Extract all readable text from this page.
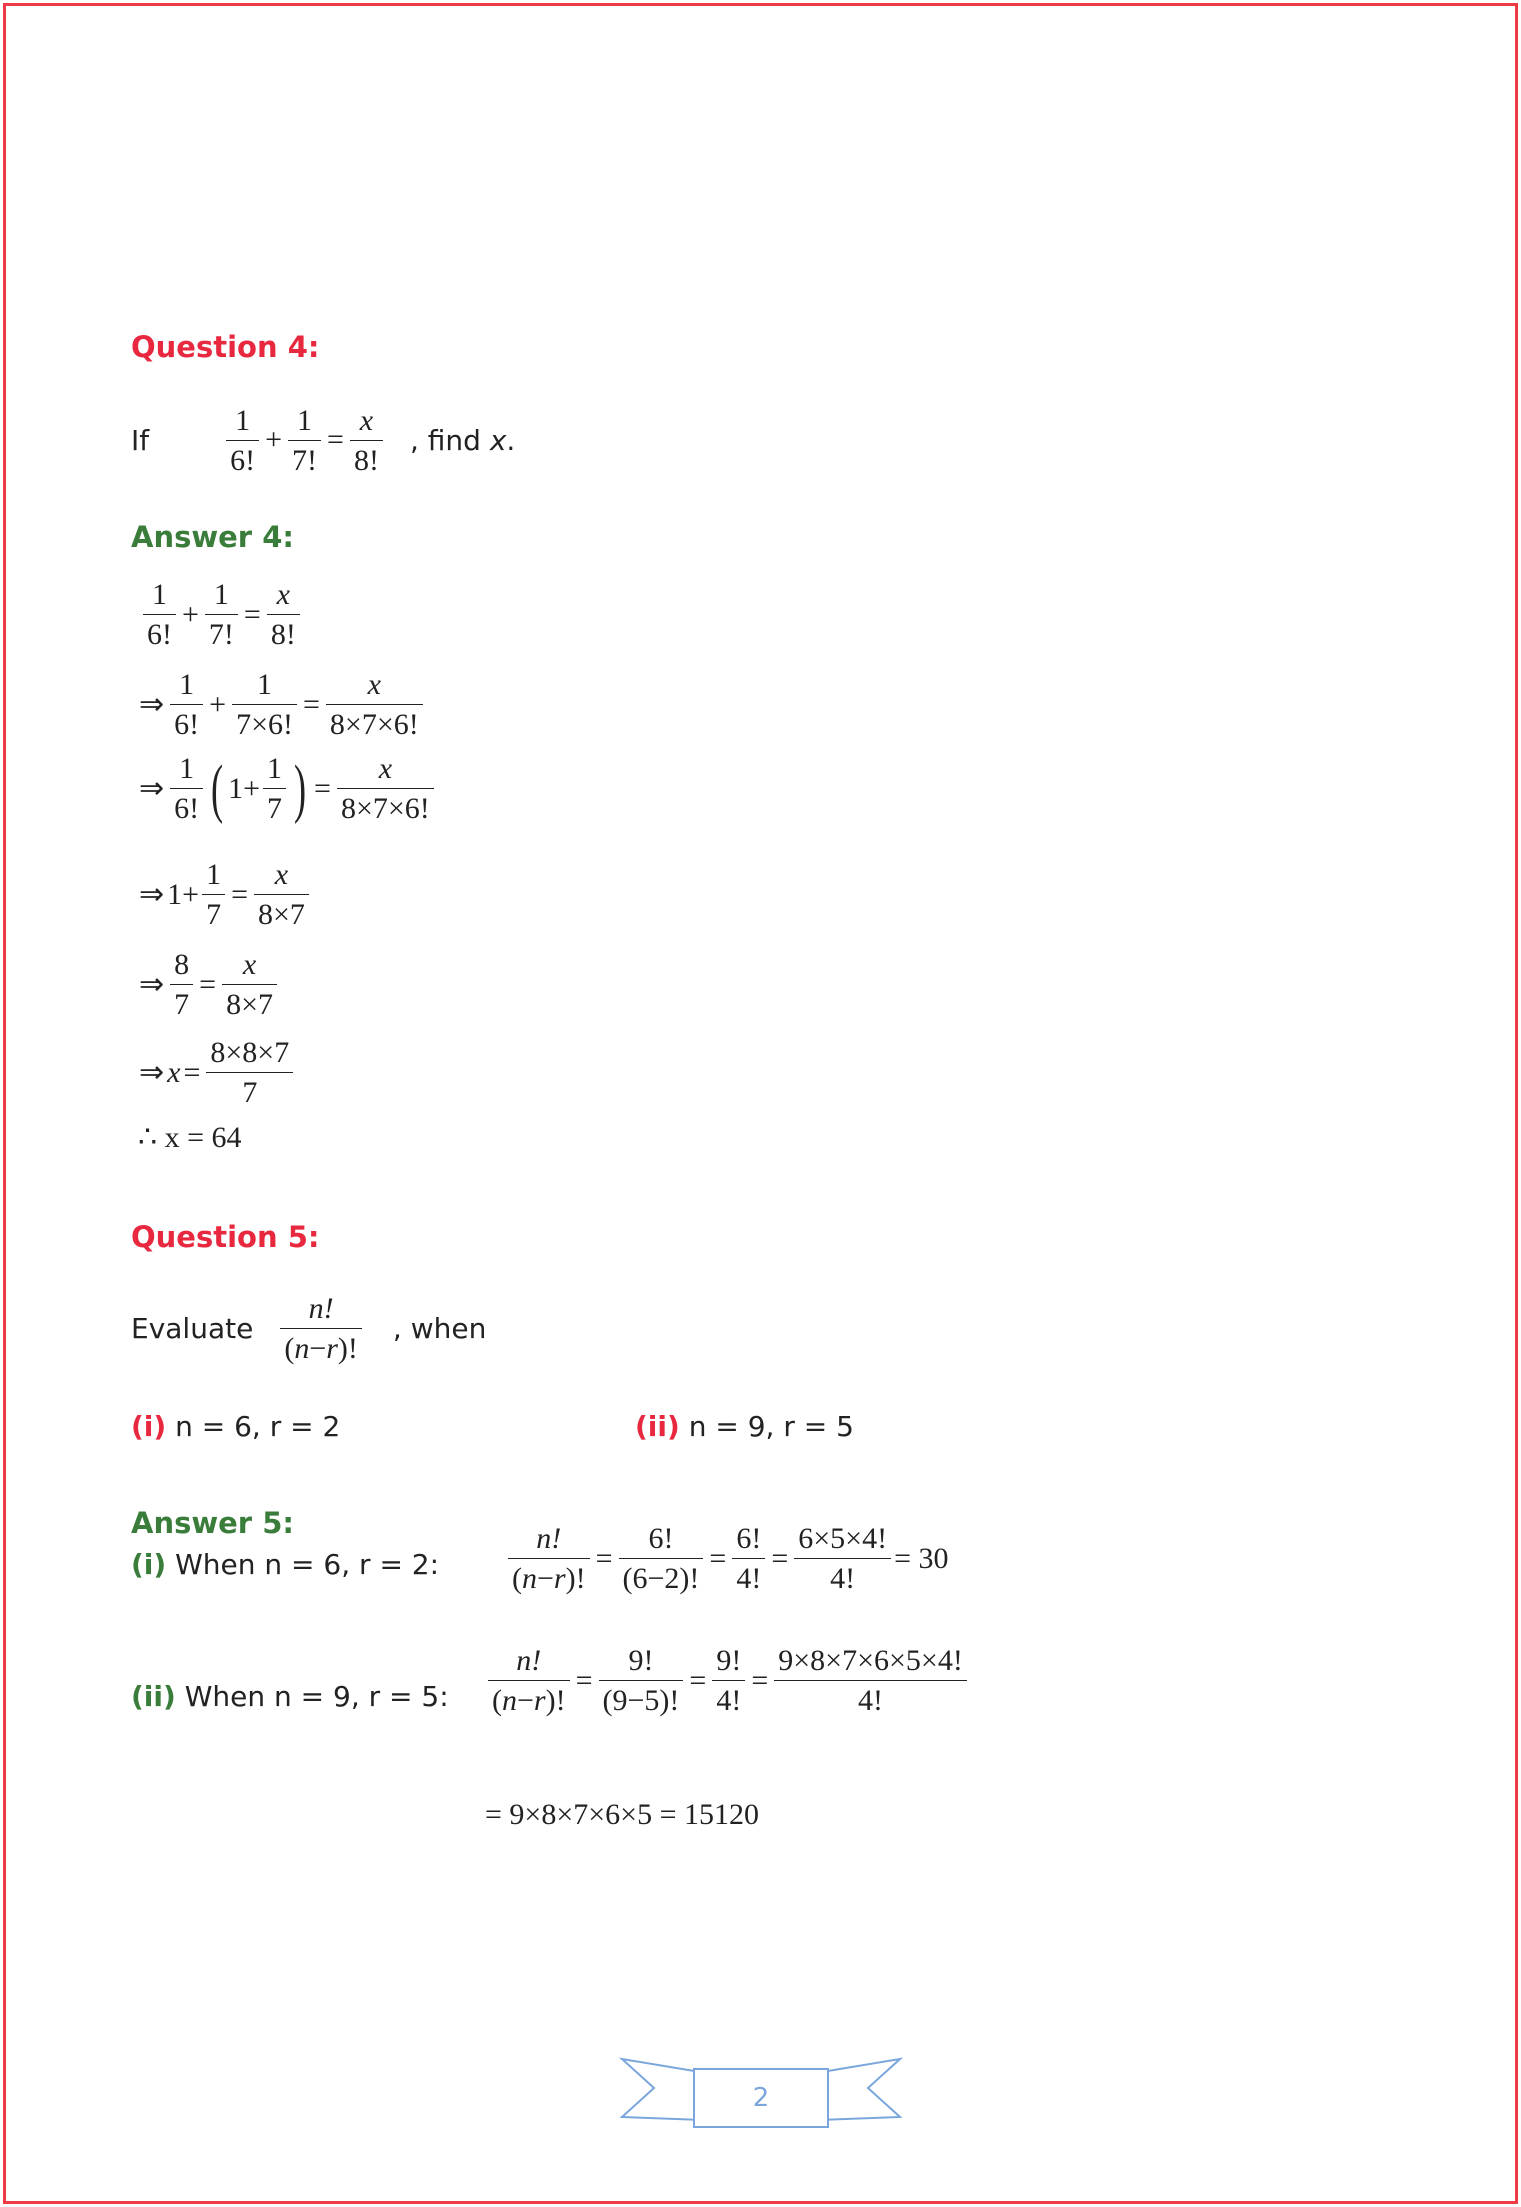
Question 4:
If
1
6!
+
1
7!
=
x
8!
, find
x .
Answer 4:
1
6!
+
1
7!
=
x
8!
⇒
1
6!
+
1
7×6!
=
x
8×7×6!
⇒
1
6! ( 1+
1
7 ) =
x
8×7×6!
⇒ 1+
1
7
=
x
8×7
⇒
8
7
=
x
8×7
⇒ x =
8×8×7
7
∴ x = 64
Question 5:
Evaluate
n!
(n−r)!
, when
(i) n = 6, r = 2	(ii) n = 9, r = 5
Answer 5:
(i) When n = 6, r = 2:
n!
(n−r)!
=
6!
(6−2)!
=
6!
4!
=
6×5×4!
4!
= 30
(ii) When n = 9, r = 5:
n!
(n−r)!
=
9!
(9−5)!
=
9!
4!
=
9×8×7×6×5×4!
4!
= 9×8×7×6×5 = 15120
2
